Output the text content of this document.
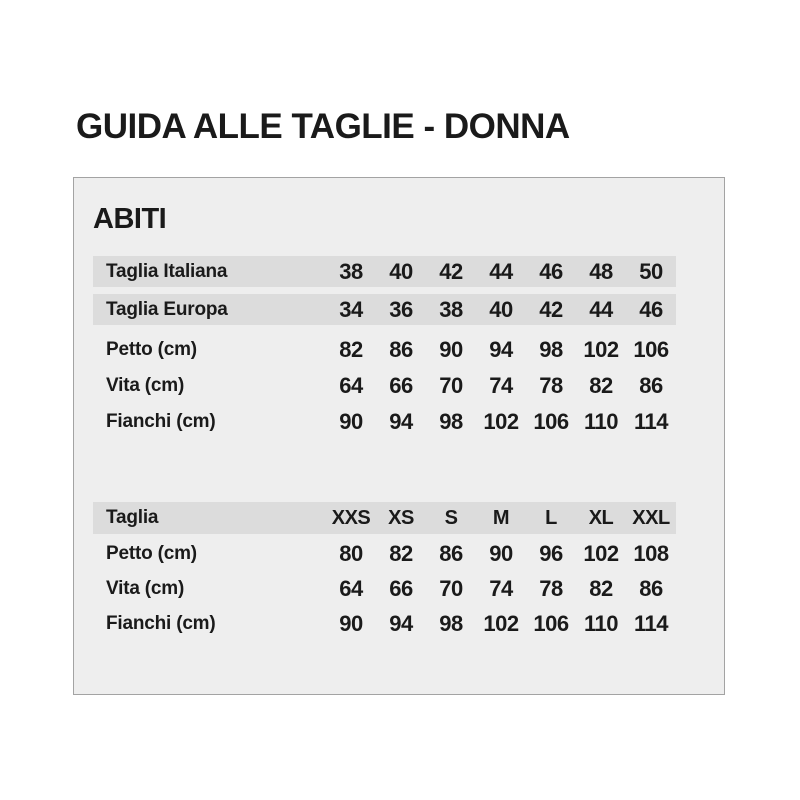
GUIDA ALLE TAGLIE - DONNA
ABITI
Taglia Italiana	38	40	42	44	46	48	50
Taglia Europa	34	36	38	40	42	44	46
Petto (cm)	82	86	90	94	98 102 106
Vita (cm)	64	66	70	74	78	82	86
Fianchi (cm)	90	94	98 102 106 110 114
Taglia	XXS XS	S	M	L	XL XXL
Petto (cm)	80	82	86	90	96 102 108
Vita (cm)	64	66	70	74	78	82	86
Fianchi (cm)	90	94	98 102 106 110 114
